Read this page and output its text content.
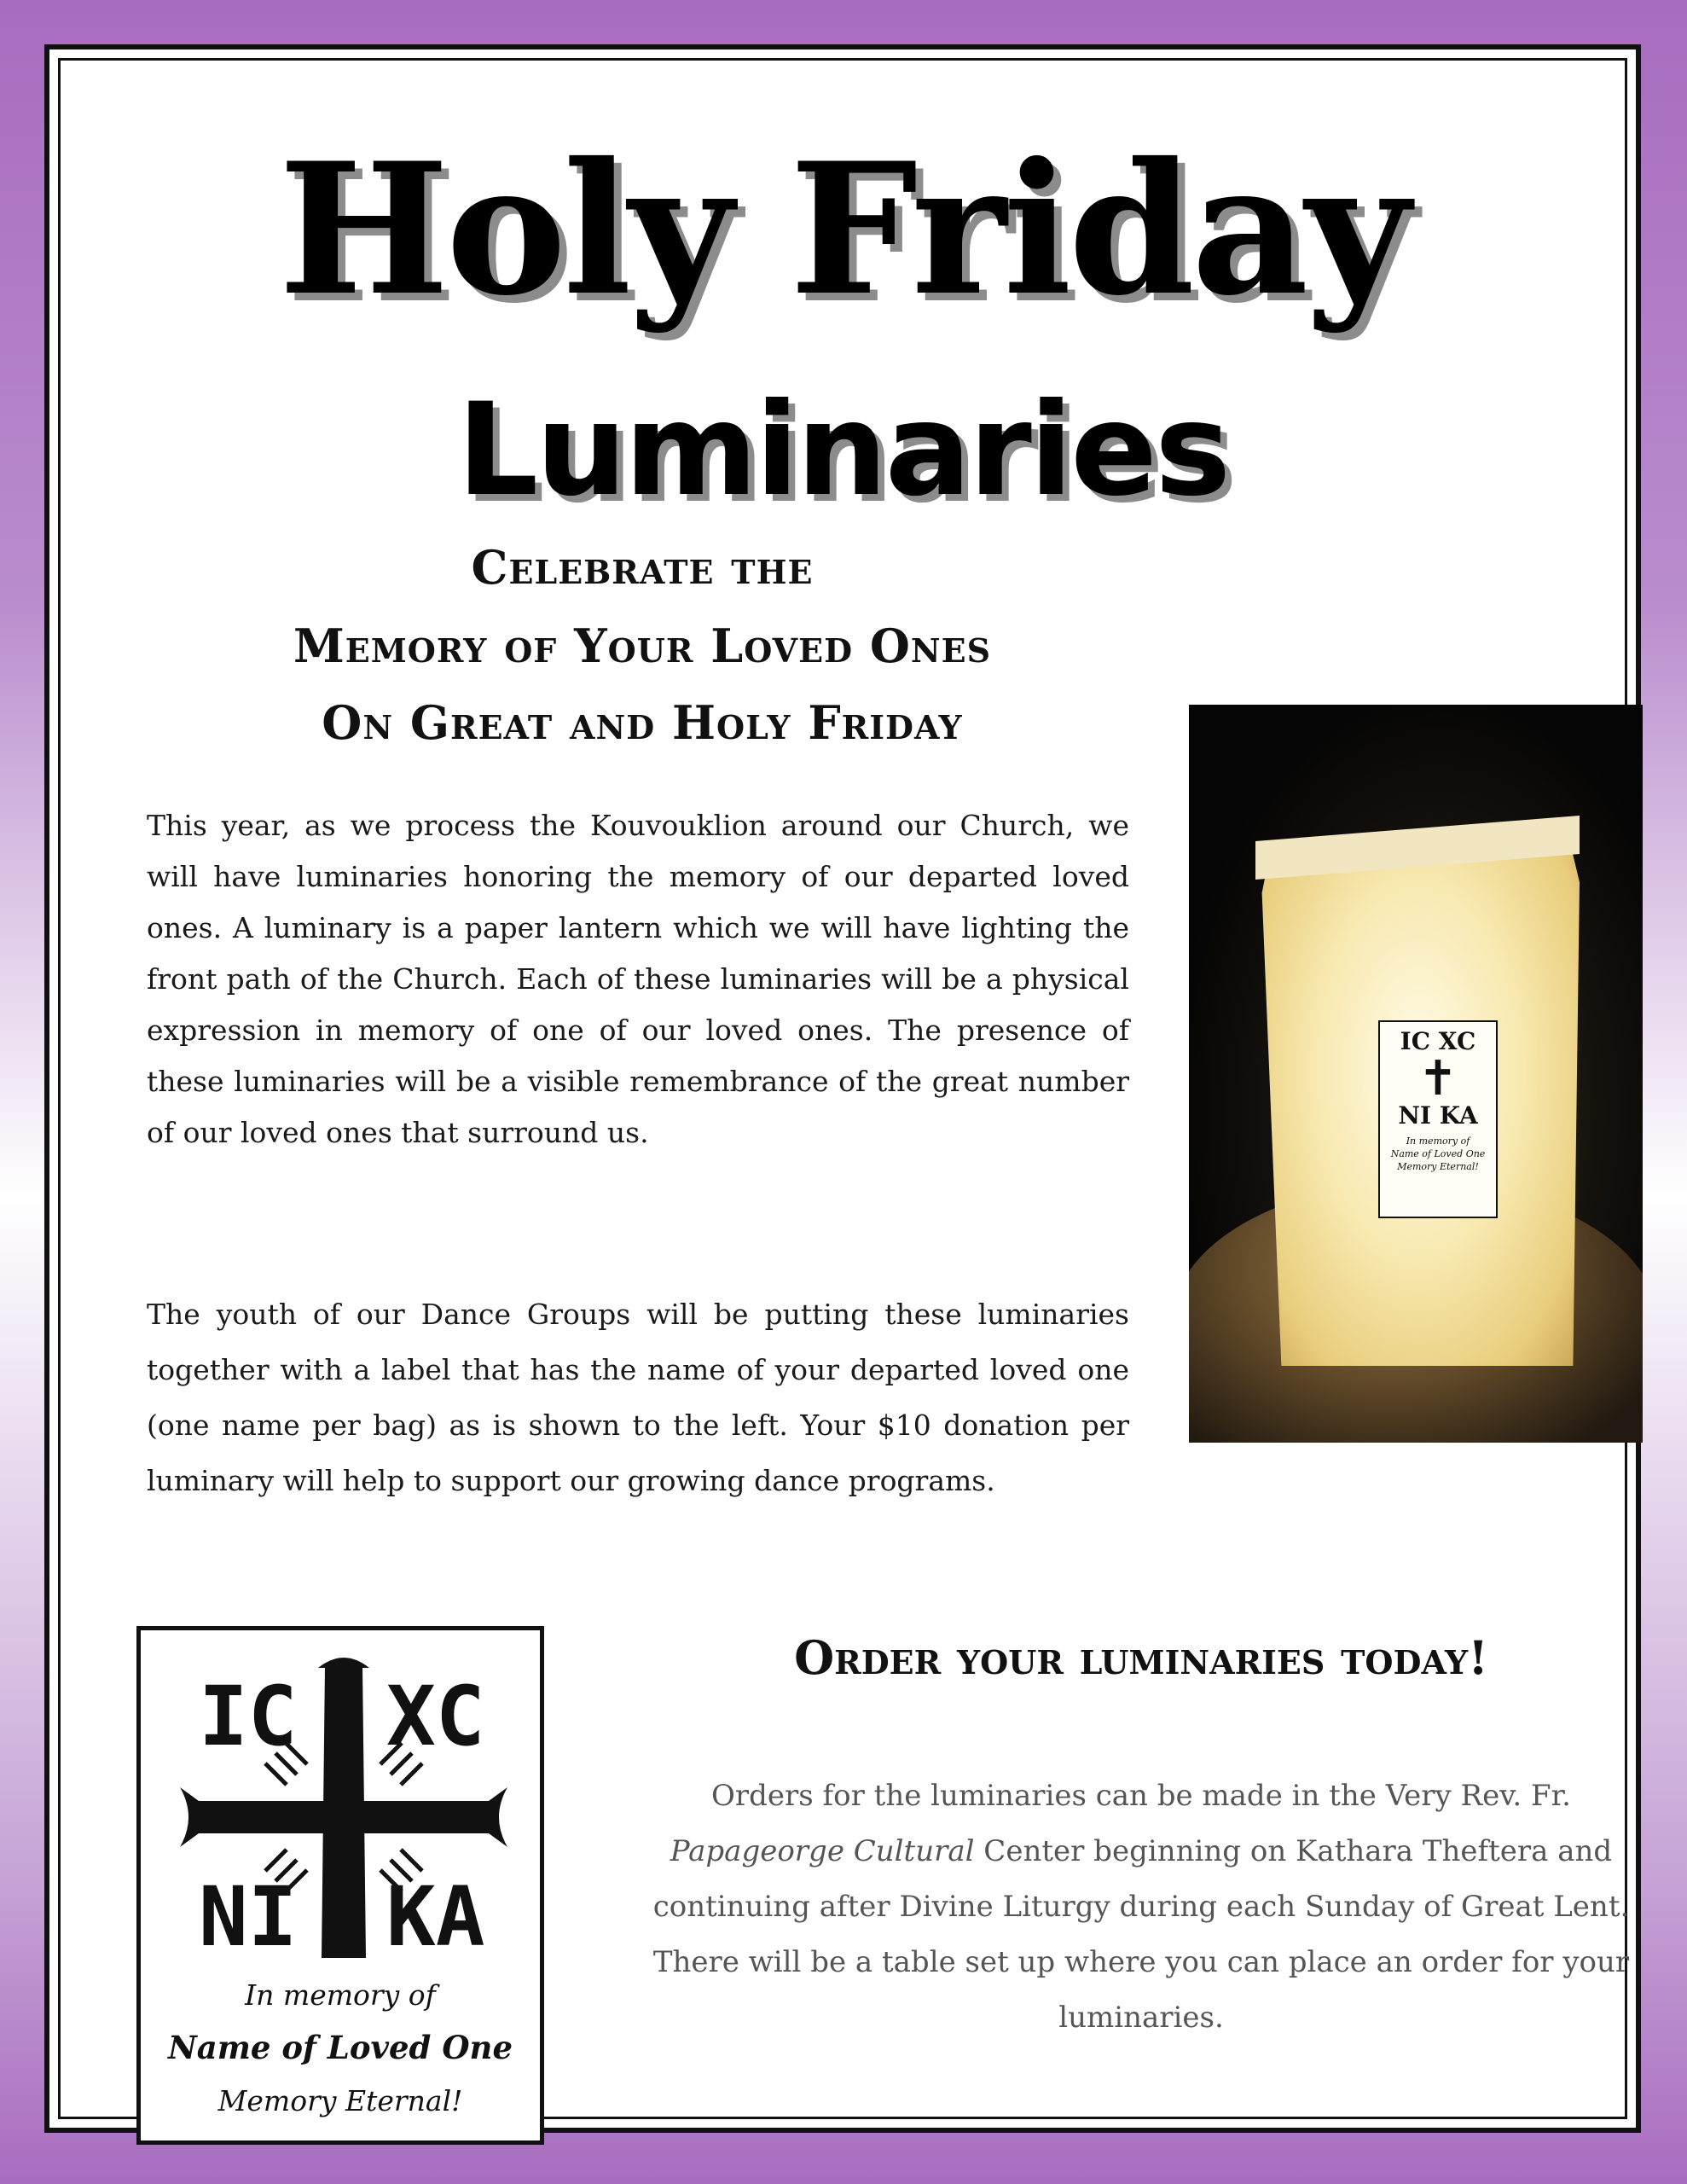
Holy Friday
Luminaries
Celebrate the
Memory of Your Loved Ones
On Great and Holy Friday

This year, as we process the Kouvouklion around our Church, we will have luminaries honoring the memory of our departed loved ones. A luminary is a paper lantern which we will have lighting the front path of the Church. Each of these luminaries will be a physical expression in memory of one of our loved ones. The presence of these luminaries will be a visible remembrance of the great number of our loved ones that surround us.

The youth of our Dance Groups will be putting these luminaries together with a label that has the name of your departed loved one (one name per bag) as is shown to the left. Your $10 donation per luminary will help to support our growing dance programs.

IC XC
✝
NI KA
In memory of
Name of Loved One
Memory Eternal!
IC XC
NI KA
In memory of
Name of Loved One
Memory Eternal!
Order your luminaries today!

Orders for the luminaries can be made in the Very Rev. Fr. Papageorge Cultural Center beginning on Kathara Theftera and continuing after Divine Liturgy during each Sunday of Great Lent. There will be a table set up where you can place an order for your luminaries.
